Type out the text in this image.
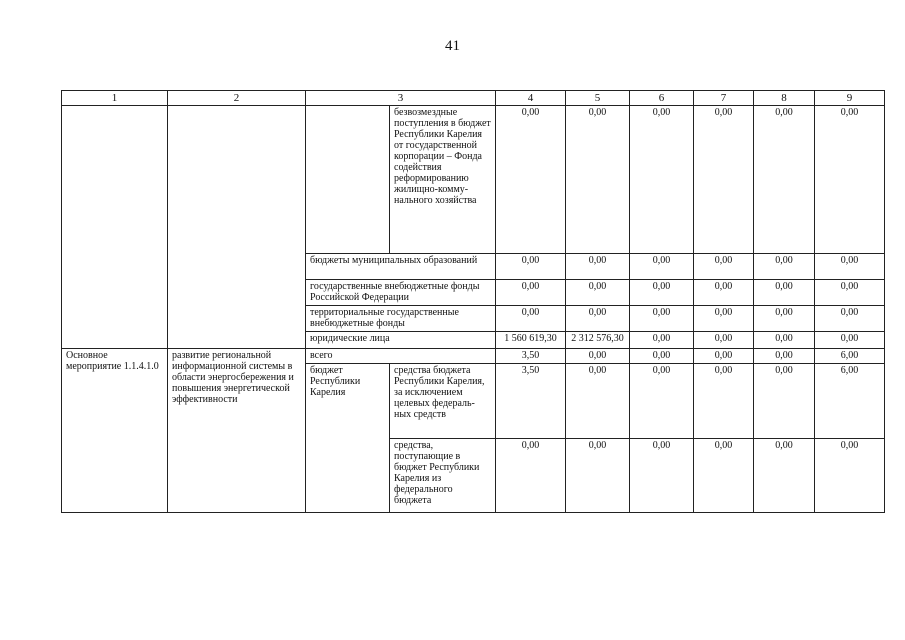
41
1	2	3		4	5	6	7	8	9
			безвозмездные поступления в бюджет Республики Карелия от государственной корпорации – Фонда содействия реформированию жилищно-комму-нального хозяйства	0,00	0,00	0,00	0,00	0,00	0,00
		бюджеты муниципальных образований		0,00	0,00	0,00	0,00	0,00	0,00
		государственные внебюджетные фонды Российской Федерации		0,00	0,00	0,00	0,00	0,00	0,00
		территориальные государственные внебюджетные фонды		0,00	0,00	0,00	0,00	0,00	0,00
		юридические лица		1 560 619,30	2 312 576,30	0,00	0,00	0,00	0,00
Основное мероприятие 1.1.4.1.0	развитие региональной информационной системы в области энергосбережения и повышения энергетической эффективности	всего		3,50	0,00	0,00	0,00	0,00	6,00
		бюджет Республики Карелия	средства бюджета Республики Карелия, за исключением целевых федераль-ных средств	3,50	0,00	0,00	0,00	0,00	6,00
			средства, поступающие в бюджет Республики Карелия из федерального бюджета	0,00	0,00	0,00	0,00	0,00	0,00
